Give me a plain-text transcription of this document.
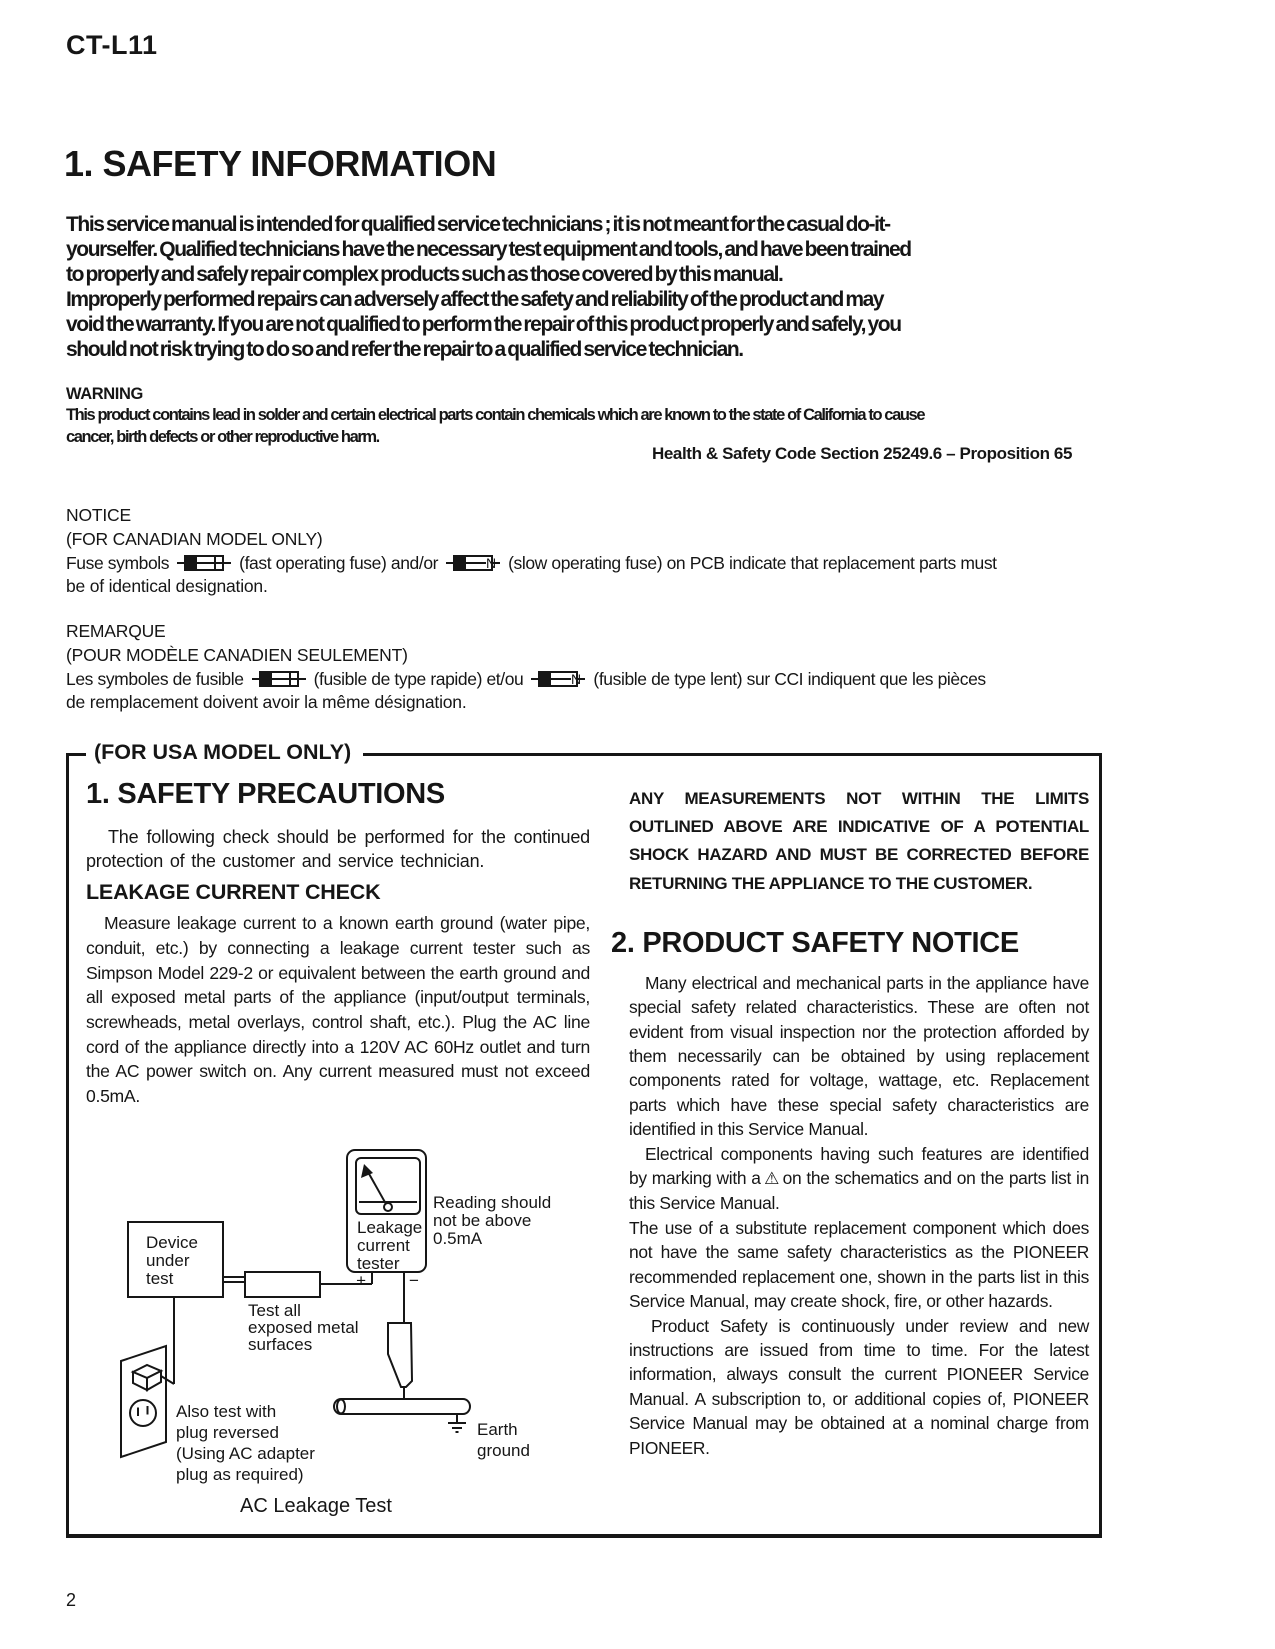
CT-L11
1. SAFETY INFORMATION
This service manual is intended for qualified service technicians ; it is not meant for the casual do-it-
yourselfer. Qualified technicians have the necessary test equipment and tools, and have been trained
to properly and safely repair complex products such as those covered by this manual.
Improperly performed repairs can adversely affect the safety and reliability of the product and may
void the warranty. If you are not qualified to perform the repair of this product properly and safely, you
should not risk trying to do so and refer the repair to a qualified service technician.
WARNING
This product contains lead in solder and certain electrical parts contain chemicals which are known to the state of California to cause
cancer, birth defects or other reproductive harm.
Health & Safety Code Section 25249.6 – Proposition 65
NOTICE
(FOR CANADIAN MODEL ONLY)
Fuse symbols	(fast operating fuse) and/or	N (slow operating fuse) on PCB indicate that replacement parts must
be of identical designation.
REMARQUE
(POUR MODÈLE CANADIEN SEULEMENT)
Les symboles de fusible	(fusible de type rapide) et/ou	N (fusible de type lent) sur CCI indiquent que les pièces
de remplacement doivent avoir la même désignation.
(FOR USA MODEL ONLY)
1. SAFETY PRECAUTIONS
The following check should be performed for the continued protection of the customer and service technician.
LEAKAGE CURRENT CHECK
Measure leakage current to a known earth ground (water pipe, conduit, etc.) by connecting a leakage current tester such as Simpson Model 229-2 or equivalent between the earth ground and all exposed metal parts of the appliance (input/output terminals, screwheads, metal overlays, control shaft, etc.). Plug the AC line cord of the appliance directly into a 120V AC 60Hz outlet and turn the AC power switch on. Any current measured must not exceed 0.5mA.
Leakage
current
tester
+	−
Reading should
not be above
0.5mA
Device
under
test
Test all
exposed metal
surfaces
Earth
ground
Also test with
plug reversed
(Using AC adapter
plug as required)
AC Leakage Test
ANY MEASUREMENTS NOT WITHIN THE LIMITS
OUTLINED ABOVE ARE INDICATIVE OF A POTENTIAL
SHOCK HAZARD AND MUST BE CORRECTED BEFORE
RETURNING THE APPLIANCE TO THE CUSTOMER.
2. PRODUCT SAFETY NOTICE
Many electrical and mechanical parts in the appliance have special safety related characteristics. These are often not evident from visual inspection nor the protection afforded by them necessarily can be obtained by using replacement components rated for voltage, wattage, etc. Replacement parts which have these special safety characteristics are identified in this Service Manual.
Electrical components having such features are identified by marking with a ⚠ on the schematics and on the parts list in this Service Manual.
The use of a substitute replacement component which does not have the same safety characteristics as the PIONEER recommended replacement one, shown in the parts list in this Service Manual, may create shock, fire, or other hazards.
Product Safety is continuously under review and new instructions are issued from time to time. For the latest information, always consult the current PIONEER Service Manual. A subscription to, or additional copies of, PIONEER Service Manual may be obtained at a nominal charge from PIONEER.
2
